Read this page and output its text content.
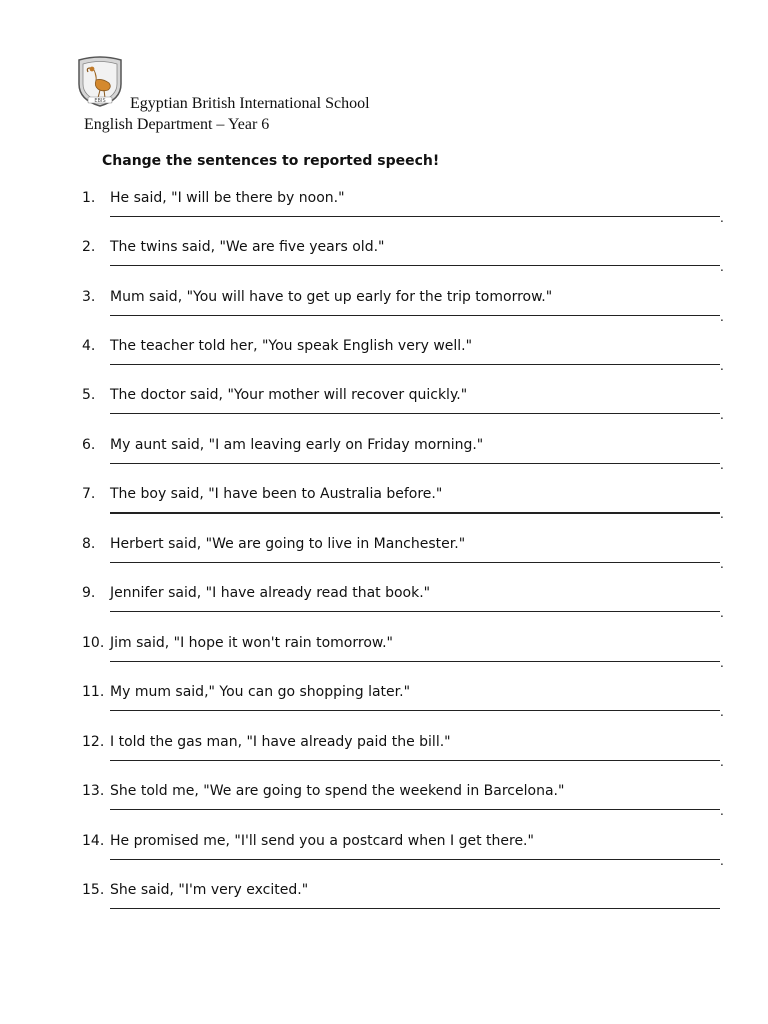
EBIS Egyptian British International School
English Department – Year 6
Change the sentences to reported speech!
1. He said, "I will be there by noon."
.
2. The twins said, "We are five years old."
.
3. Mum said, "You will have to get up early for the trip tomorrow."
.
4. The teacher told her, "You speak English very well."
.
5. The doctor said, "Your mother will recover quickly."
.
6. My aunt said, "I am leaving early on Friday morning."
.
7. The boy said, "I have been to Australia before."
.
8. Herbert said, "We are going to live in Manchester."
.
9. Jennifer said, "I have already read that book."
.
10. Jim said, "I hope it won't rain tomorrow."
.
11. My mum said," You can go shopping later."
.
12. I told the gas man, "I have already paid the bill."
.
13. She told me, "We are going to spend the weekend in Barcelona."
.
14. He promised me, "I'll send you a postcard when I get there."
.
15. She said, "I'm very excited."
